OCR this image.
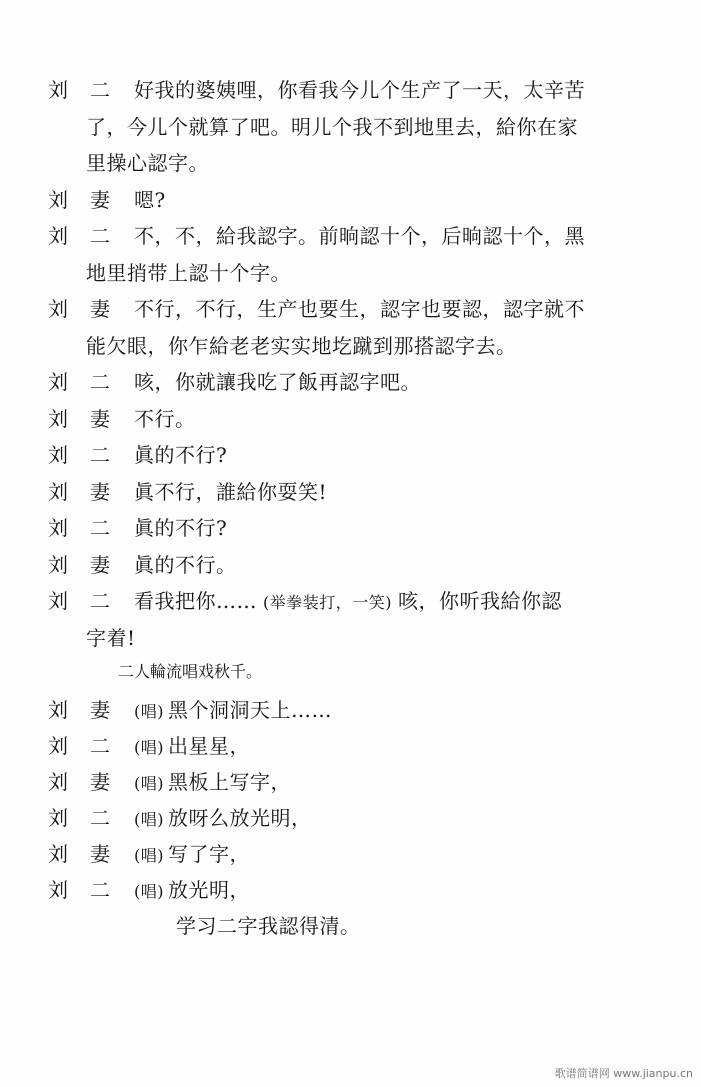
歌谱简谱网 www.jianpu.cn
刘 二 好我的婆姨哩，你看我今儿个生产了一天，太辛苦
了，今儿个就算了吧。明儿个我不到地里去，給你在家
里操心認字。
刘 妻 嗯?
刘 二 不，不，給我認字。前晌認十个，后晌認十个，黑
地里捎带上認十个字。
刘 妻 不行，不行，生产也要生，認字也要認，認字就不
能欠眼，你乍給老老实实地圪蹴到那搭認字去。
刘 二 咳，你就讓我吃了飯再認字吧。
刘 妻 不行。
刘 二 眞的不行?
刘 妻 眞不行，誰給你耍笑!
刘 二 眞的不行?
刘 妻 眞的不行。
刘 二 看我把你…… (举拳装打，一笑) 咳，你听我給你認
字着!
二人輪流唱戏秋千。
刘 妻 (唱) 黑个洞洞天上……
刘 二 (唱) 出星星，
刘 妻 (唱) 黑板上写字，
刘 二 (唱) 放呀么放光明，
刘 妻 (唱) 写了字，
刘 二 (唱) 放光明，
学习二字我認得清。
